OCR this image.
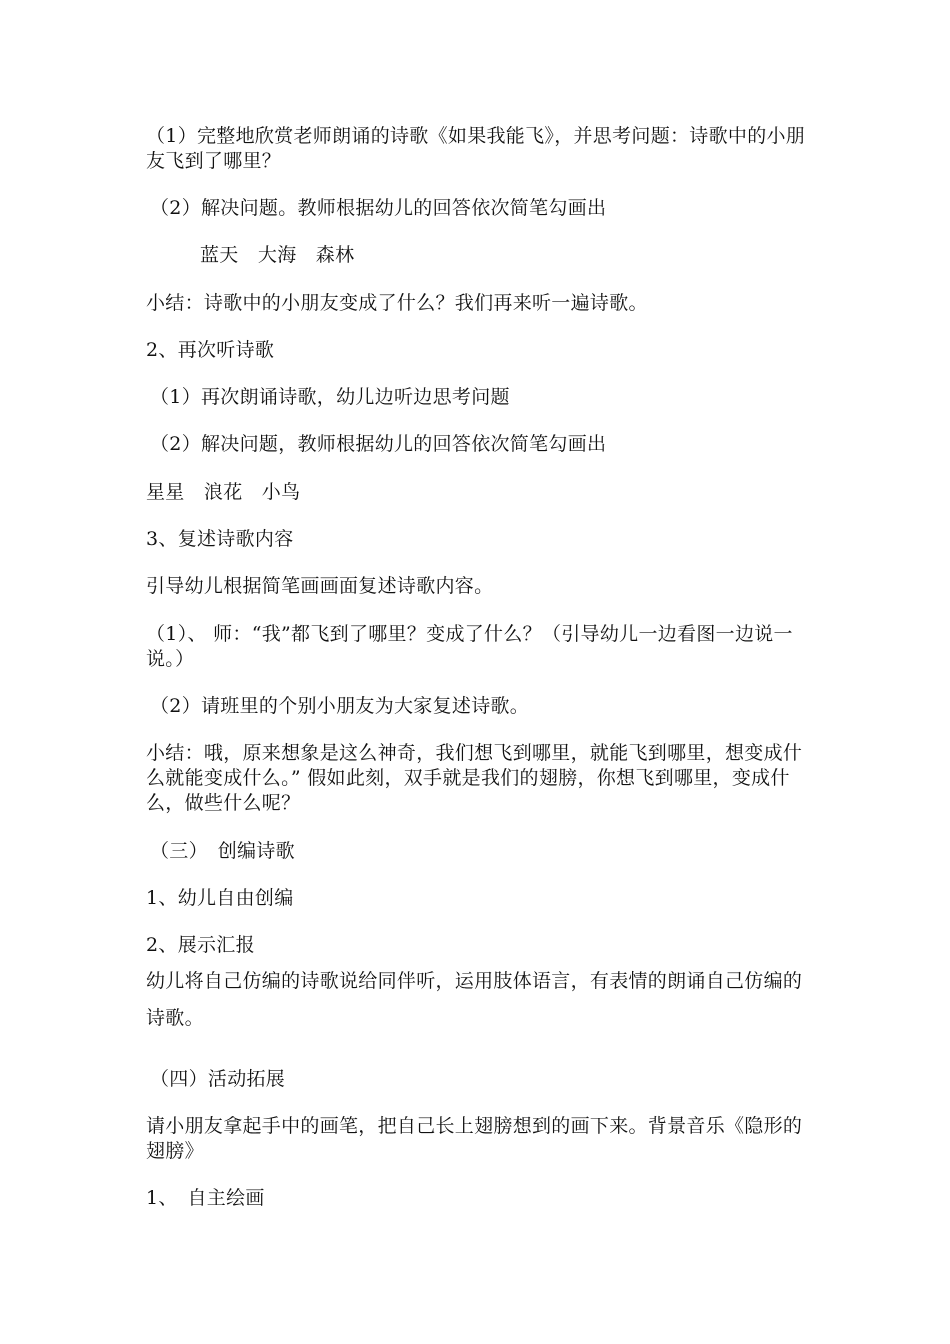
（1）完整地欣赏老师朗诵的诗歌《如果我能飞》，并思考问题：诗歌中的小朋友飞到了哪里？
（2）解决问题。教师根据幼儿的回答依次简笔勾画出
蓝天　大海　森林
小结：诗歌中的小朋友变成了什么？我们再来听一遍诗歌。
2、再次听诗歌
（1）再次朗诵诗歌，幼儿边听边思考问题
（2）解决问题，教师根据幼儿的回答依次简笔勾画出
星星　浪花　小鸟
3、复述诗歌内容
引导幼儿根据简笔画画面复述诗歌内容。
（1）、 师：“我”都飞到了哪里？变成了什么？（引导幼儿一边看图一边说一说。）
（2）请班里的个别小朋友为大家复述诗歌。
小结：哦，原来想象是这么神奇，我们想飞到哪里，就能飞到哪里，想变成什么就能变成什么。” 假如此刻，双手就是我们的翅膀，你想飞到哪里，变成什么，做些什么呢？
（三）　创编诗歌
1、幼儿自由创编
2、展示汇报
幼儿将自己仿编的诗歌说给同伴听，运用肢体语言，有表情的朗诵自己仿编的诗歌。
（四）活动拓展
请小朋友拿起手中的画笔，把自己长上翅膀想到的画下来。背景音乐《隐形的翅膀》
1、　自主绘画
